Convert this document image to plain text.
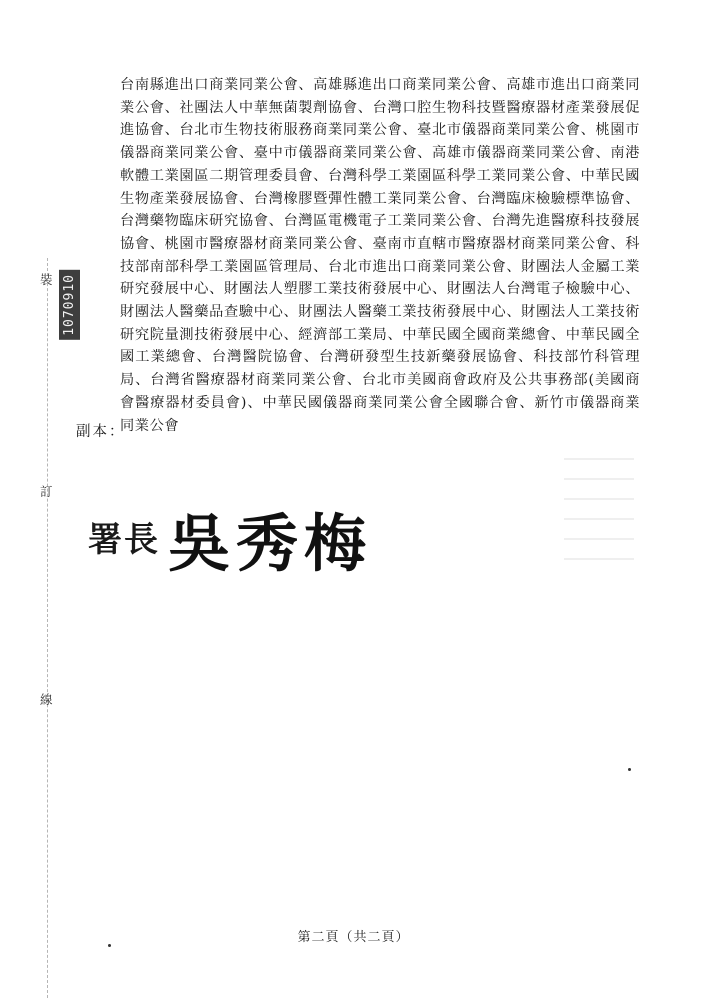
裝
訂
線
1070910
台南縣進出口商業同業公會、高雄縣進出口商業同業公會、高雄市進出口商業同業公會、社團法人中華無菌製劑協會、台灣口腔生物科技暨醫療器材產業發展促進協會、台北市生物技術服務商業同業公會、臺北市儀器商業同業公會、桃園市儀器商業同業公會、臺中市儀器商業同業公會、高雄市儀器商業同業公會、南港軟體工業園區二期管理委員會、台灣科學工業園區科學工業同業公會、中華民國生物產業發展協會、台灣橡膠暨彈性體工業同業公會、台灣臨床檢驗標準協會、台灣藥物臨床研究協會、台灣區電機電子工業同業公會、台灣先進醫療科技發展協會、桃園市醫療器材商業同業公會、臺南市直轄市醫療器材商業同業公會、科技部南部科學工業園區管理局、台北市進出口商業同業公會、財團法人金屬工業研究發展中心、財團法人塑膠工業技術發展中心、財團法人台灣電子檢驗中心、財團法人醫藥品查驗中心、財團法人醫藥工業技術發展中心、財團法人工業技術研究院量測技術發展中心、經濟部工業局、中華民國全國商業總會、中華民國全國工業總會、台灣醫院協會、台灣研發型生技新藥發展協會、科技部竹科管理局、台灣省醫療器材商業同業公會、台北市美國商會政府及公共事務部(美國商會醫療器材委員會)、中華民國儀器商業同業公會全國聯合會、新竹市儀器商業同業公會
副本：
署長 吳秀梅
第二頁（共二頁）
